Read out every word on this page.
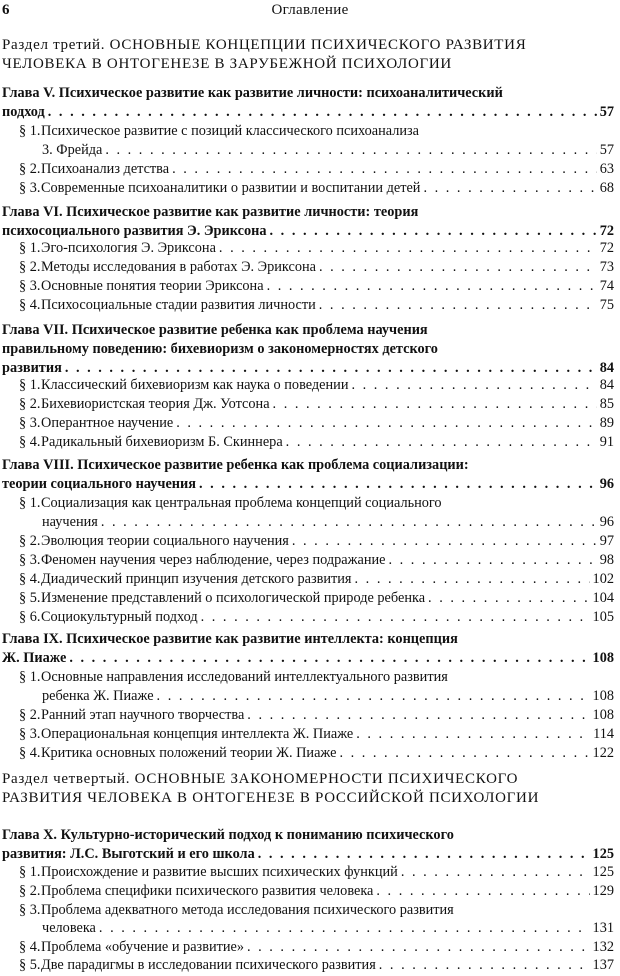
6	Оглавление
Раздел третий. ОСНОВНЫЕ КОНЦЕПЦИИ ПСИХИЧЕСКОГО РАЗВИТИЯ
ЧЕЛОВЕКА В ОНТОГЕНЕЗЕ В ЗАРУБЕЖНОЙ ПСИХОЛОГИИ
Глава V. Психическое развитие как развитие личности: психоаналитический
подход . . .	57
§ 1.Психическое развитие с позиций классического психоанализа
3. Фрейда . . .	57
§ 2.Психоанализ детства . . .	63
§ 3.Современные психоаналитики о развитии и воспитании детей . . .	68
Глава VI. Психическое развитие как развитие личности: теория
психосоциального развития Э. Эриксона . . .	72
§ 1.Эго-психология Э. Эриксона . . .	72
§ 2.Методы исследования в работах Э. Эриксона . . .	73
§ 3.Основные понятия теории Эриксона . . .	74
§ 4.Психосоциальные стадии развития личности . . .	75
Глава VII. Психическое развитие ребенка как проблема научения
правильному поведению: бихевиоризм о закономерностях детского
развития . . .	84
§ 1.Классический бихевиоризм как наука о поведении . . .	84
§ 2.Бихевиористская теория Дж. Уотсона . . .	85
§ 3.Оперантное научение . . .	89
§ 4.Радикальный бихевиоризм Б. Скиннера . . .	91
Глава VIII. Психическое развитие ребенка как проблема социализации:
теории социального научения . . .	96
§ 1.Социализация как центральная проблема концепций социального
научения . . .	96
§ 2.Эволюция теории социального научения . . .	97
§ 3.Феномен научения через наблюдение, через подражание . . .	98
§ 4.Диадический принцип изучения детского развития . . .	102
§ 5.Изменение представлений о психологической природе ребенка . . .	104
§ 6.Социокультурный подход . . .	105
Глава IX. Психическое развитие как развитие интеллекта: концепция
Ж. Пиаже . . .	108
§ 1.Основные направления исследований интеллектуального развития
ребенка Ж. Пиаже . . .	108
§ 2.Ранний этап научного творчества . . .	108
§ 3.Операциональная концепция интеллекта Ж. Пиаже . . .	114
§ 4.Критика основных положений теории Ж. Пиаже . . .	122
Раздел четвертый. ОСНОВНЫЕ ЗАКОНОМЕРНОСТИ ПСИХИЧЕСКОГО
РАЗВИТИЯ ЧЕЛОВЕКА В ОНТОГЕНЕЗЕ В РОССИЙСКОЙ ПСИХОЛОГИИ
Глава X. Культурно-исторический подход к пониманию психического
развития: Л.С. Выготский и его школа . . .	125
§ 1.Происхождение и развитие высших психических функций . . .	125
§ 2.Проблема специфики психического развития человека . . .	129
§ 3.Проблема адекватного метода исследования психического развития
человека . . .	131
§ 4.Проблема «обучение и развитие» . . .	132
§ 5.Две парадигмы в исследовании психического развития . . .	137
